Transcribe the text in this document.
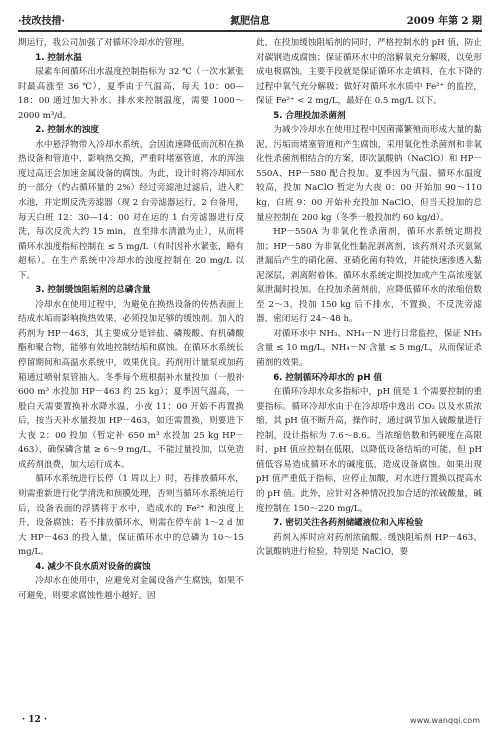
·技改技措·	氮肥信息	2009 年第 2 期

期运行，我公司加强了对循环冷却水的管理。

1. 控制水温

尿素车间循环出水温度控制指标为 32 ℃（一次水紧张时最高涨至 36 ℃），夏季由于气温高，每天 10：00—18：00 通过加大补水、排水来控制温度，需要 1000～2000 m³/d。

2. 控制水的浊度

水中悬浮物带入冷却水系统，会因流速降低而沉积在换热设备和管道中，影响热交换，严重时堵塞管道，水的浑浊度过高还会加速金属设备的腐蚀。为此，设计时将冷却回水的一部分（约占循环量的 2%）经过旁滤池过滤后，进入贮水池，并定期反洗旁滤器（现 2 台旁滤器运行，2 台备用，每天白班 12：30—14：00 对在运的 1 台旁滤器进行反洗，每次反洗大约 15 min，直至排水清澈为止），从而将循环水浊度指标控制在 ≤ 5 mg/L（有时因补水紧张，略有超标）。在生产系统中冷却水的浊度控制在 20 mg/L 以下。

3. 控制缓蚀阻垢剂的总磷含量

冷却水在使用过程中，为避免在换热设备的传热表面上结成水垢而影响换热效果，必须投加足够的缓蚀剂。加入的药剂为 HP－463，其主要成分是锌盐、磷羧酸、有机磷酸酯和聚合物，能够有效地控制结垢和腐蚀。在循环水系统长停留期间和高温水系统中，效果优良。药剂用计量泵或加药箱通过喷射泵管抽入。冬季每个班根据补水量投加（一般补 600 m³ 水投加 HP－463 约 25 kg）；夏季因气温高，一般白天需要置换补水降水温，小夜 11：00 开始不再置换后，按当天补水量投加 HP－463，如还需置换，则要进下大夜 2：00 投加（暂定补 650 m³ 水投加 25 kg HP－463），确保磷含量 ≥ 6～9 mg/L，不能过量投加，以免造成药剂浪费，加大运行成本。

循环水系统进行长停（1 周以上）时，若排放循环水，则需重新进行化学清洗和预膜处理，否则当循环水系统运行后，设备表面的浮锈将于水中，造成水的 Fe²⁺ 和浊度上升，设备腐蚀；若不排放循环水，则需在停车前 1～2 d 加大 HP－463 的投入量，保证循环水中的总磷为 10～15 mg/L。

4. 减少不良水质对设备的腐蚀

冷却水在使用中，应避免对金属设备产生腐蚀，如果不可避免，则要求腐蚀性越小越好。因

此，在投加缓蚀阻垢剂的同时，严格控制水的 pH 值，防止对碳钢造成腐蚀；保证循环水中的溶解氧充分解吸，以免形成电极腐蚀，主要手段就是保证循环水走填料，在水下降的过程中氧气充分解吸；做好对循环水水质中 Fe²⁺ 的监控，保证 Fe²⁺ < 2 mg/L，最好在 0.5 mg/L 以下。

5. 合理投加杀菌剂

为减少冷却水在使用过程中因菌藻繁殖而形成大量的黏泥，污垢而堵塞管道和产生腐蚀，采用氧化性杀菌剂和非氧化性杀菌剂相结合的方案，即次氯酸钠（NaClO）和 HP－550A、HP－580 配合投加。夏季因为气温、循环水温度较高，投加 NaClO 暂定为大夜 0：00 开始加 90～110 kg，白班 9：00 开始补充投加 NaClO，但当天投加的总量应控制在 200 kg（冬季一般投加约 60 kg/d）。

HP－550A 为非氧化性杀菌剂，循环水系统定期投加；HP－580 为非氧化性黏泥剥离剂，该药剂对杀灭氨氮泄漏后产生的硝化菌、亚硝化菌有特效，并能快速渗透入黏泥深层，剥离附着体。循环水系统定期投加或产生高浓度氨氮泄漏时投加。在投加杀菌剂前，应降低循环水的浓缩倍数至 2～3，投加 150 kg 后不排水，不置换，不反洗旁滤器，密闭运行 24～48 h。

对循环水中 NH₃、NH₄－N 进行日常监控，保证 NH₃ 含量 ≤ 10 mg/L，NH₄－N 含量 ≤ 5 mg/L，从而保证杀菌剂的效果。

6. 控制循环冷却水的 pH 值

在循环冷却水众多指标中，pH 值是 1 个需要控制的重要指标。循环冷却水由于在冷却塔中逸出 CO₂ 以及水质浓缩，其 pH 值不断升高，操作时，通过调节加入硫酸量进行控制，设计指标为 7.6～8.6。当浓缩倍数和钙硬度在高限时，pH 值应控制在低限，以降低设备结垢的可能，但 pH 值低容易造成循环水的碱度低，造成设备腐蚀。如果出现 pH 值严重低于指标，应停止加酸，对水进行置换以提高水的 pH 值。此外，应针对各种情况投加合适的浓硫酸量，碱度控制在 150～220 mg/L。

7. 密切关注各药剂储罐液位和入库检验

药剂入库时应对药剂浓硫酸、缓蚀阻垢剂 HP－463、次氯酸钠进行检验，特别是 NaClO，要

· 12 ·	www.wanqqi.com
